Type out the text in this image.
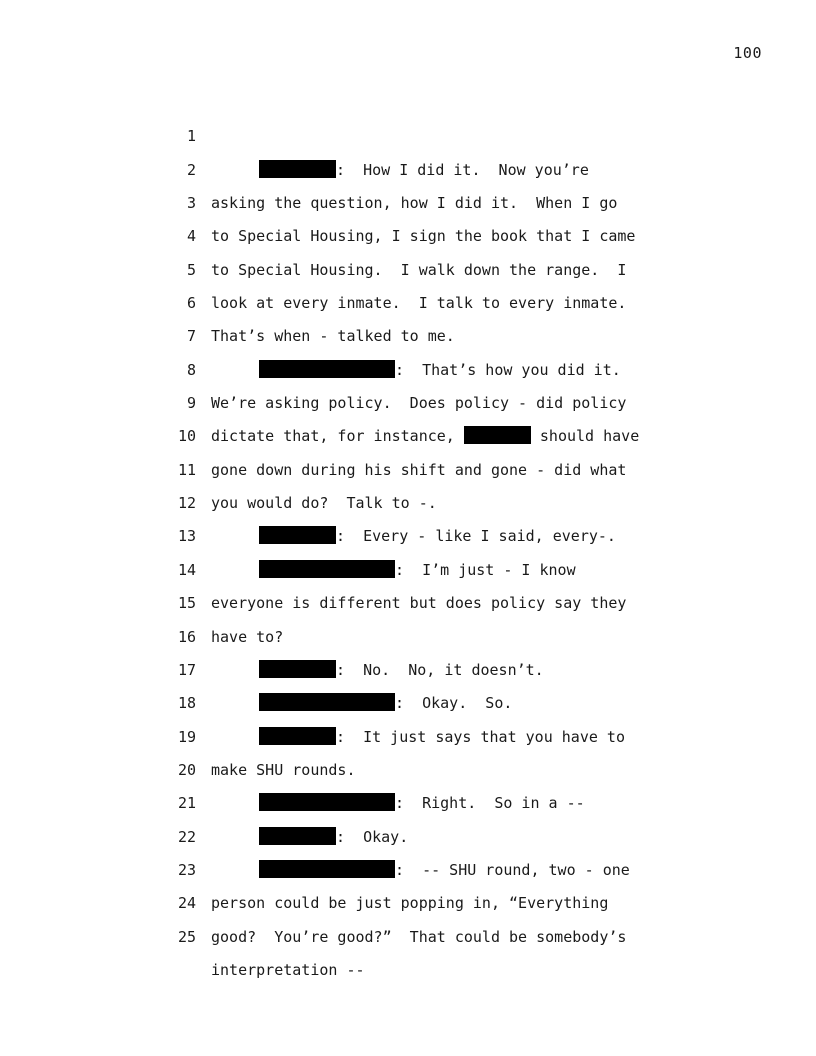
100

1

:  How I did it.  Now you’re

2

asking the question, how I did it.  When I go

3

to Special Housing, I sign the book that I came

4

to Special Housing.  I walk down the range.  I

5

look at every inmate.  I talk to every inmate.

6

That’s when - talked to me.

7

:  That’s how you did it.

8

We’re asking policy.  Does policy - did policy

9

dictate that, for instance,	should have

10

gone down during his shift and gone - did what

11

you would do?  Talk to -.

12

:  Every - like I said, every-.

13

:  I’m just - I know

14

everyone is different but does policy say they

15

have to?

16

:  No.  No, it doesn’t.

17

:  Okay.  So.

18

:  It just says that you have to

19

make SHU rounds.

20

:  Right.  So in a --

21

:  Okay.

22

:  -- SHU round, two - one

23

person could be just popping in, “Everything

24

good?  You’re good?”  That could be somebody’s

25

interpretation --
